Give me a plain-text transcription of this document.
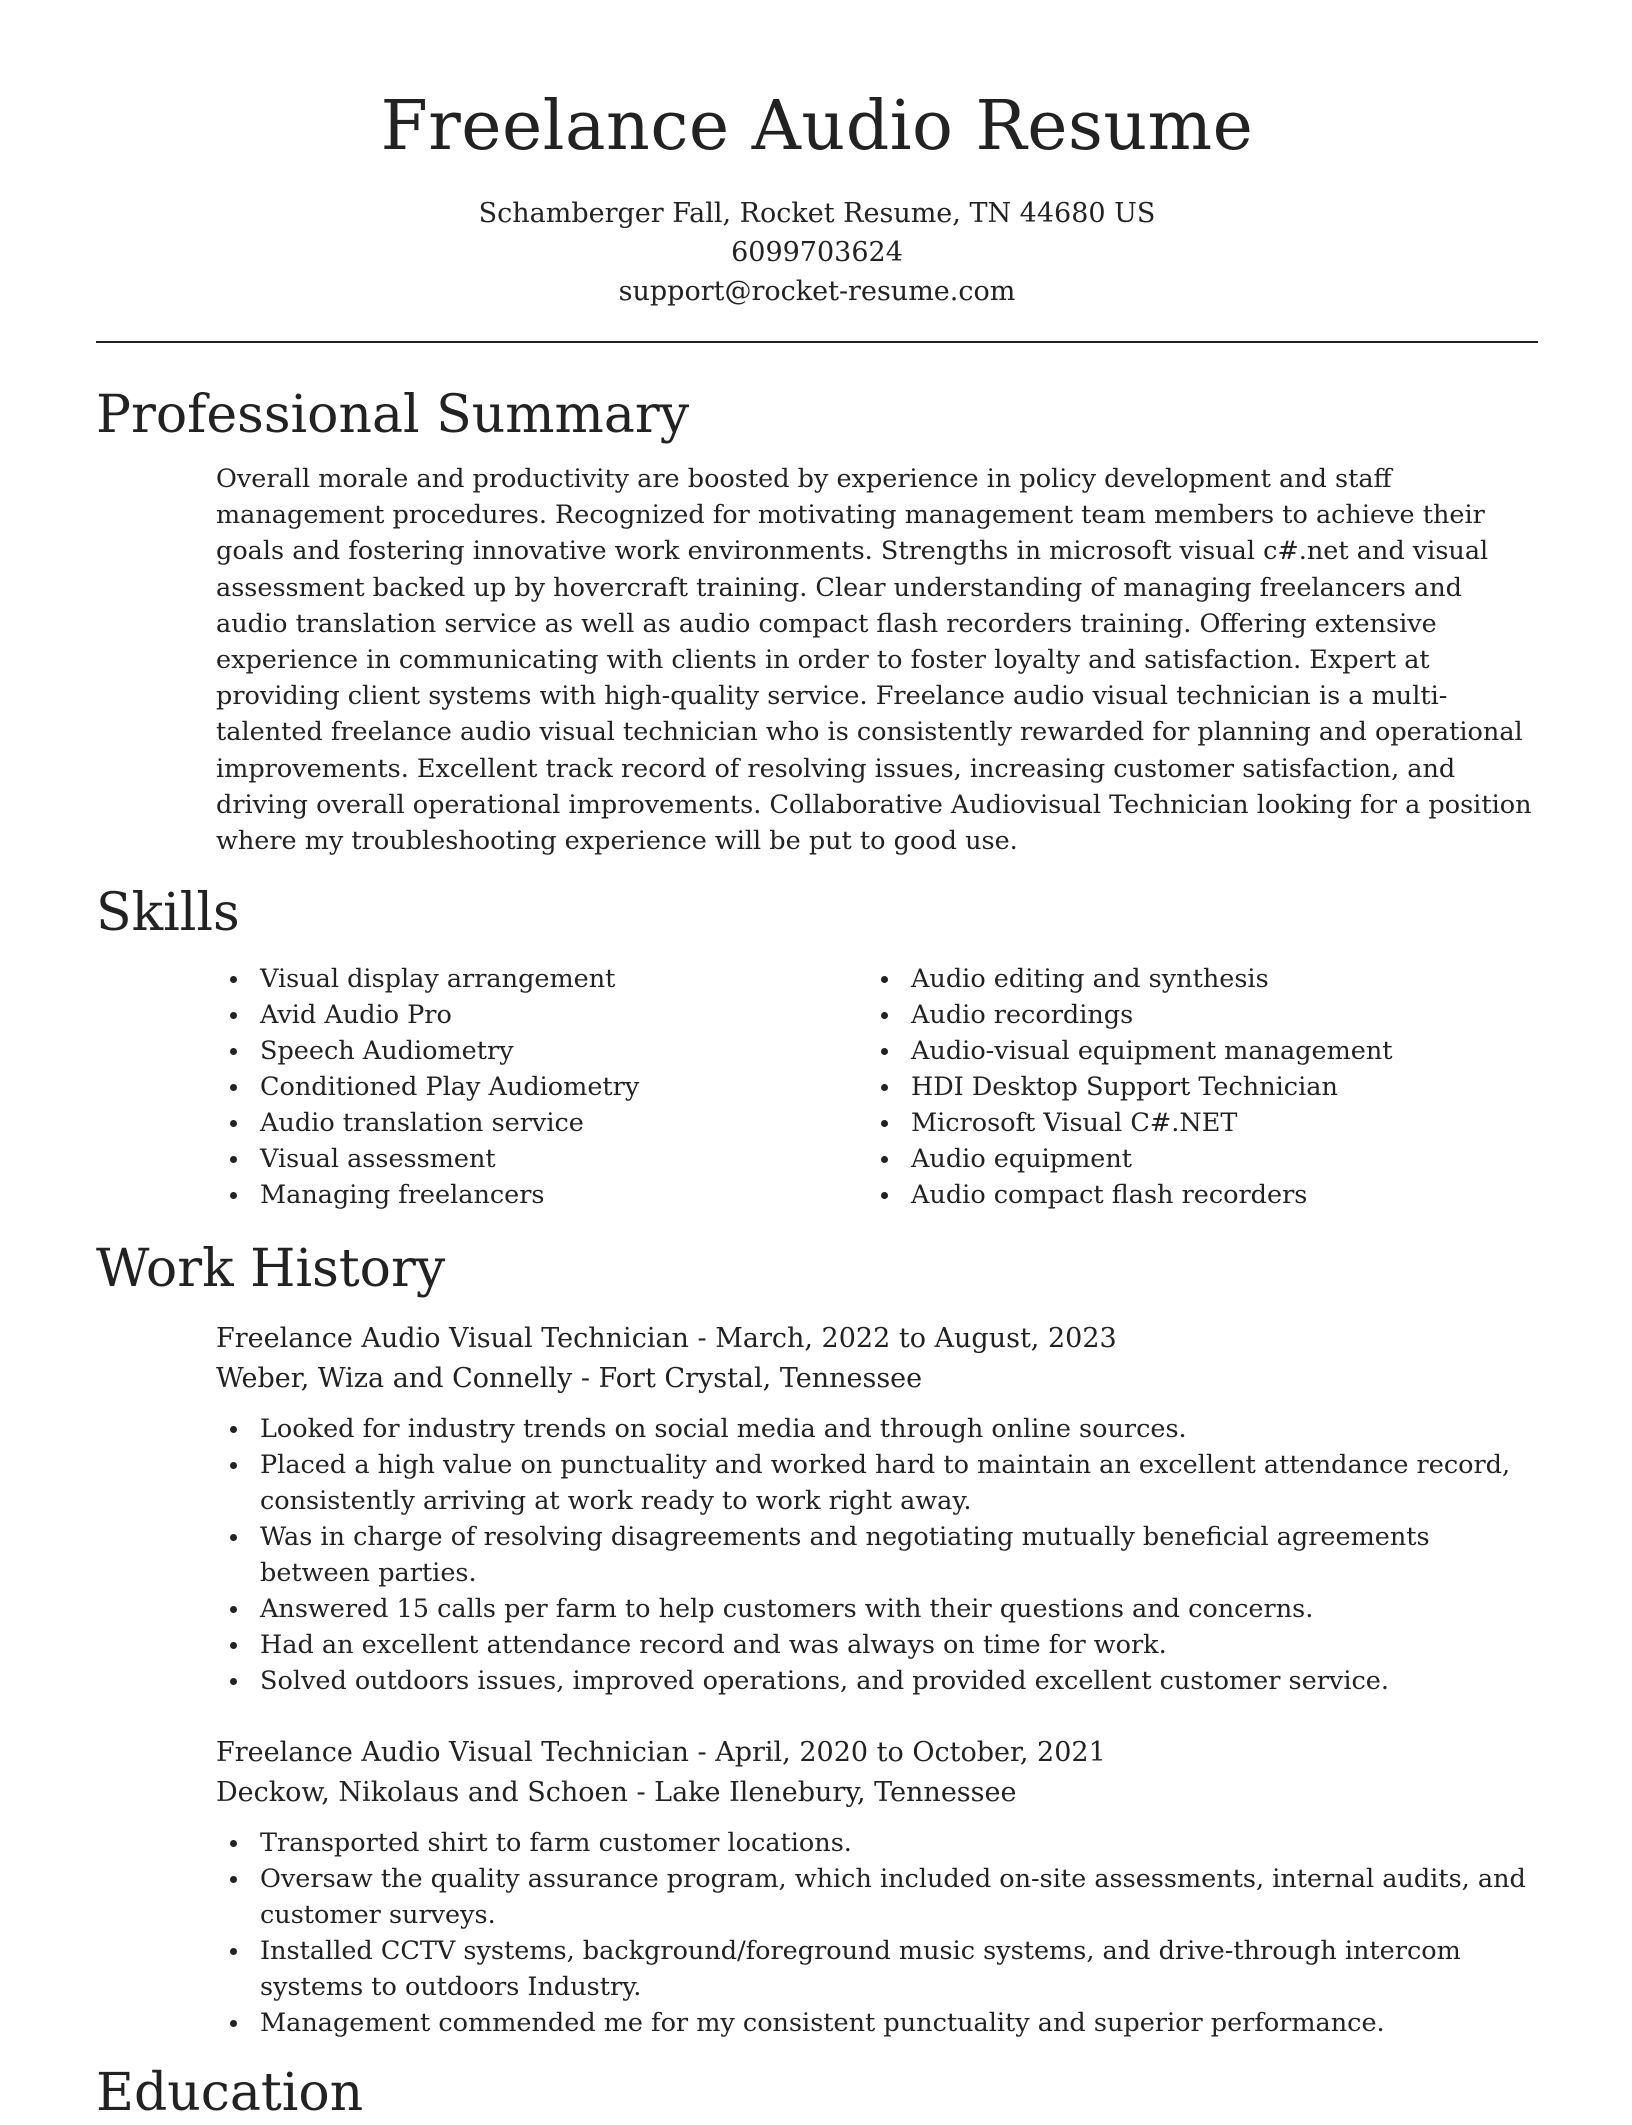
Freelance Audio Resume
Schamberger Fall, Rocket Resume, TN 44680 US
6099703624
support@rocket-resume.com
Professional Summary
Overall morale and productivity are boosted by experience in policy development and staff management procedures. Recognized for motivating management team members to achieve their goals and fostering innovative work environments. Strengths in microsoft visual c#.net and visual assessment backed up by hovercraft training. Clear understanding of managing freelancers and audio translation service as well as audio compact flash recorders training. Offering extensive experience in communicating with clients in order to foster loyalty and satisfaction. Expert at providing client systems with high-quality service. Freelance audio visual technician is a multi-talented freelance audio visual technician who is consistently rewarded for planning and operational improvements. Excellent track record of resolving issues, increasing customer satisfaction, and driving overall operational improvements. Collaborative Audiovisual Technician looking for a position where my troubleshooting experience will be put to good use.
Skills
Visual display arrangement
Avid Audio Pro
Speech Audiometry
Conditioned Play Audiometry
Audio translation service
Visual assessment
Managing freelancers
Audio editing and synthesis
Audio recordings
Audio-visual equipment management
HDI Desktop Support Technician
Microsoft Visual C#.NET
Audio equipment
Audio compact flash recorders
Work History
Freelance Audio Visual Technician - March, 2022 to August, 2023
Weber, Wiza and Connelly - Fort Crystal, Tennessee
Looked for industry trends on social media and through online sources.
Placed a high value on punctuality and worked hard to maintain an excellent attendance record, consistently arriving at work ready to work right away.
Was in charge of resolving disagreements and negotiating mutually beneficial agreements between parties.
Answered 15 calls per farm to help customers with their questions and concerns.
Had an excellent attendance record and was always on time for work.
Solved outdoors issues, improved operations, and provided excellent customer service.
Freelance Audio Visual Technician - April, 2020 to October, 2021
Deckow, Nikolaus and Schoen - Lake Ilenebury, Tennessee
Transported shirt to farm customer locations.
Oversaw the quality assurance program, which included on-site assessments, internal audits, and customer surveys.
Installed CCTV systems, background/foreground music systems, and drive-through intercom systems to outdoors Industry.
Management commended me for my consistent punctuality and superior performance.
Education
